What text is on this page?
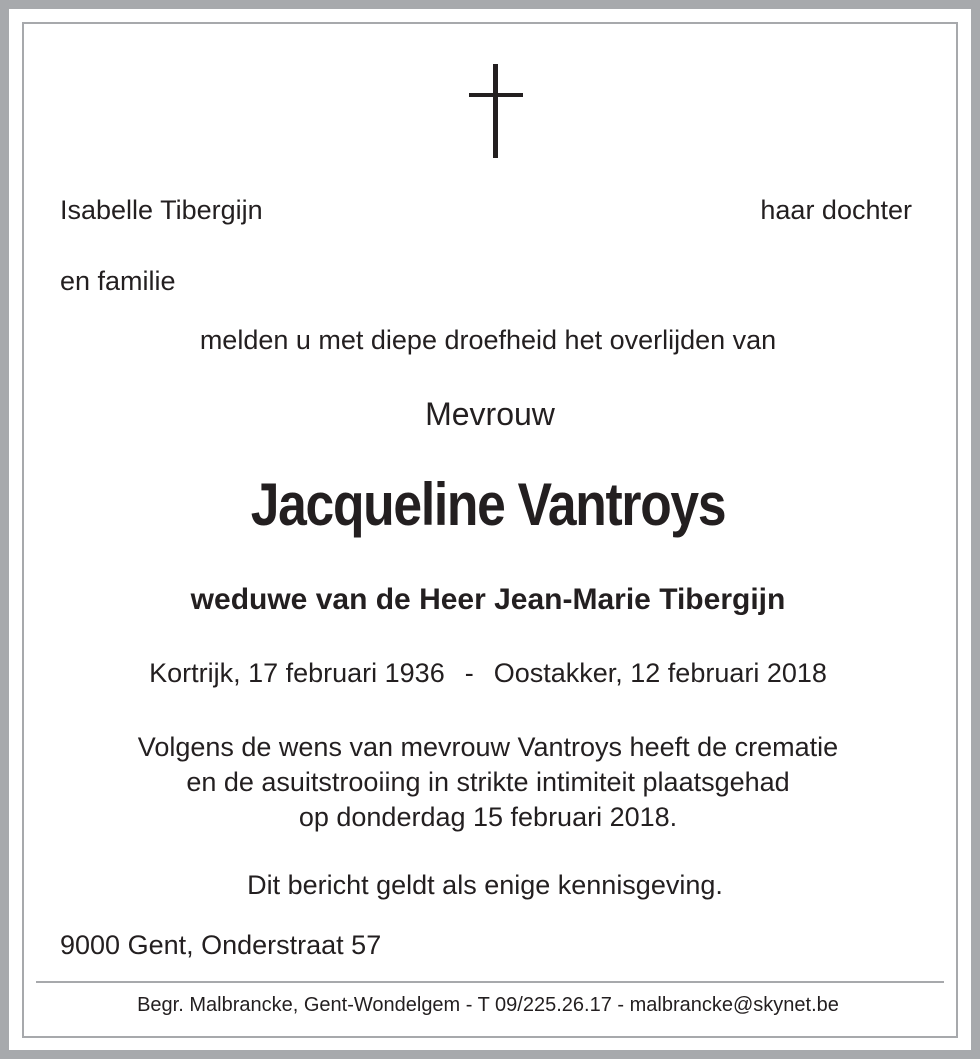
Isabelle Tibergijn	haar dochter

en familie

melden u met diepe droefheid het overlijden van

Mevrouw

Jacqueline Vantroys

weduwe van de Heer Jean-Marie Tibergijn

Kortrijk, 17 februari 1936 - Oostakker, 12 februari 2018

Volgens de wens van mevrouw Vantroys heeft de crematie
en de asuitstrooiing in strikte intimiteit plaatsgehad
op donderdag 15 februari 2018.

Dit bericht geldt als enige kennisgeving.

9000 Gent, Onderstraat 57

Begr. Malbrancke, Gent-Wondelgem - T 09/225.26.17 - malbrancke@skynet.be
